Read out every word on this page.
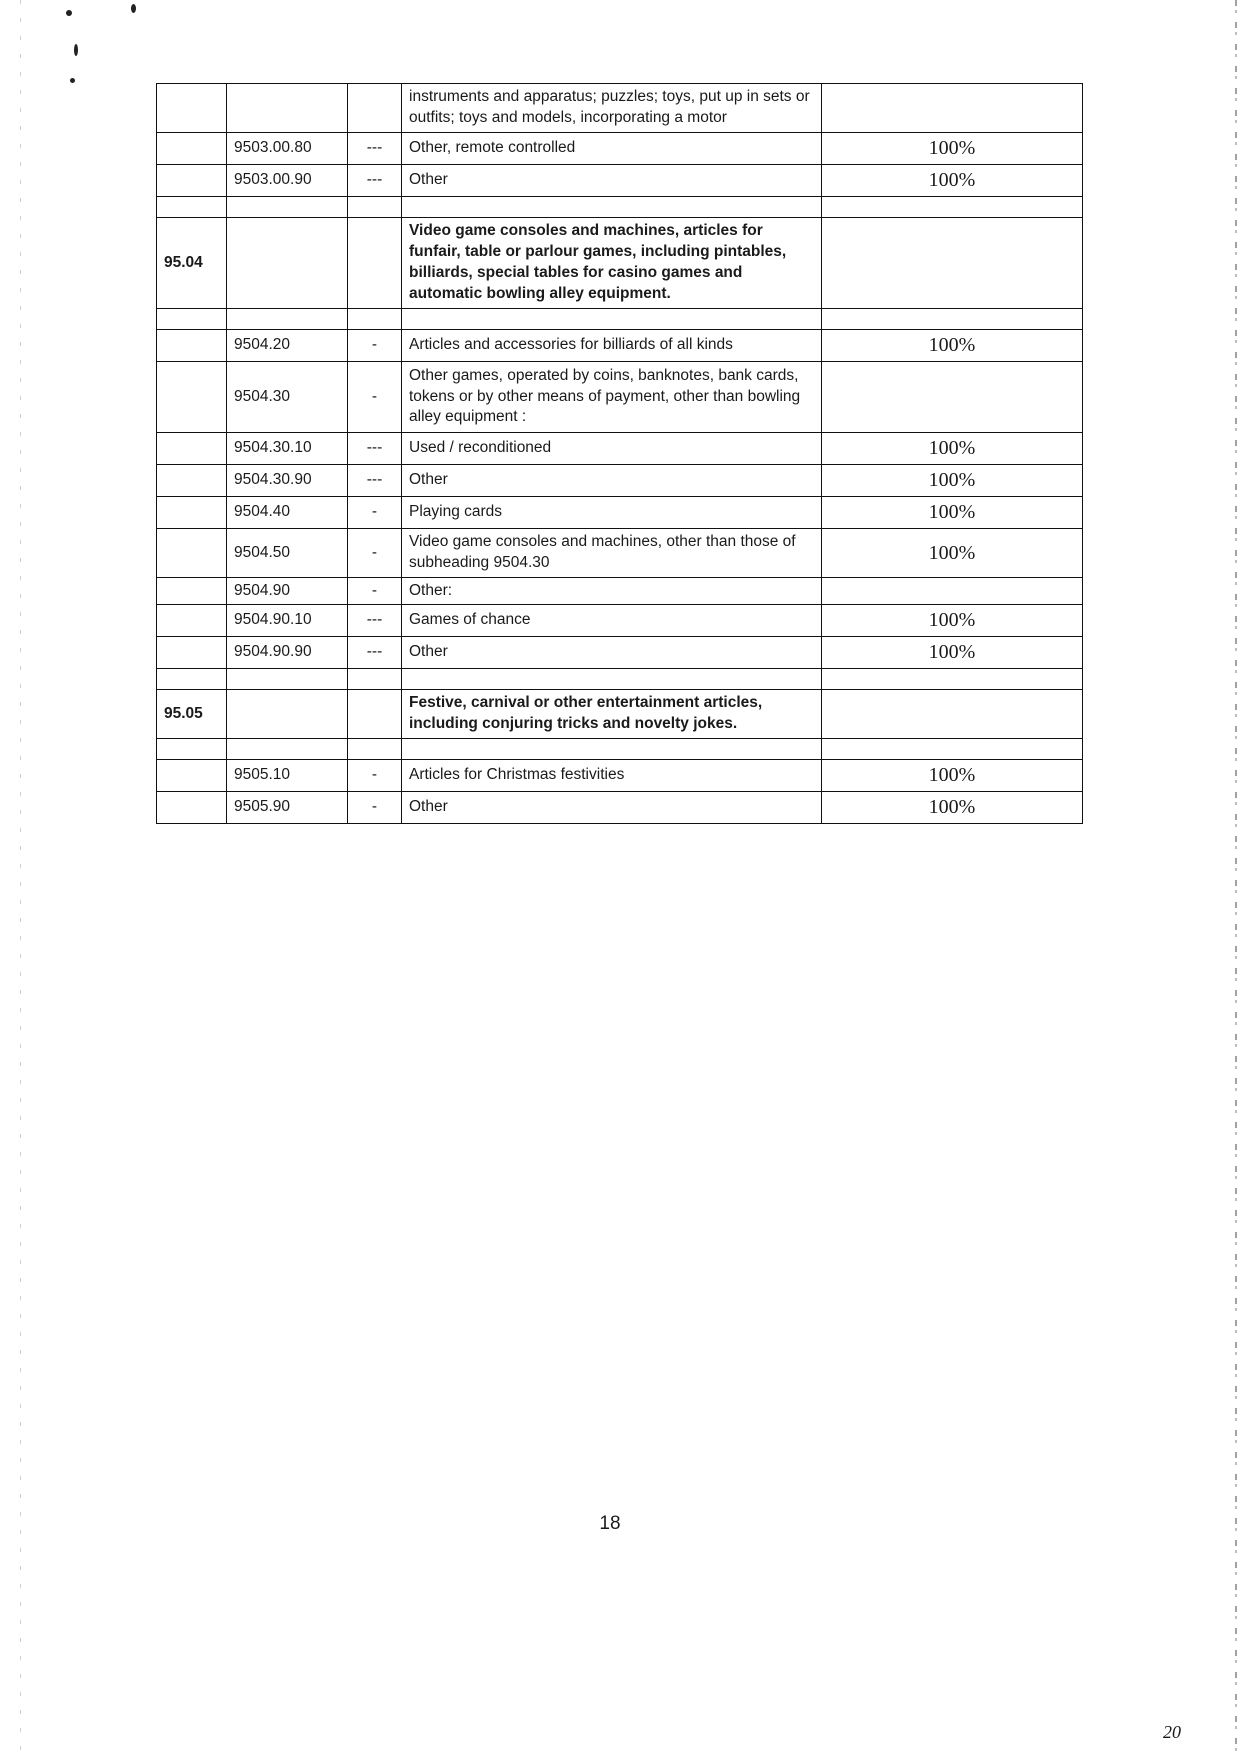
			instruments and apparatus; puzzles; toys, put up in sets or outfits; toys and models, incorporating a motor	
	9503.00.80	---	Other, remote controlled	100%
	9503.00.90	---	Other	100%

95.04			Video game consoles and machines, articles for funfair, table or parlour games, including pintables, billiards, special tables for casino games and automatic bowling alley equipment.	

	9504.20	-	Articles and accessories for billiards of all kinds	100%
	9504.30	-	Other games, operated by coins, banknotes, bank cards, tokens or by other means of payment, other than bowling alley equipment :	
	9504.30.10	---	Used / reconditioned	100%
	9504.30.90	---	Other	100%
	9504.40	-	Playing cards	100%
	9504.50	-	Video game consoles and machines, other than those of subheading 9504.30	100%
	9504.90	-	Other:	
	9504.90.10	---	Games of chance	100%
	9504.90.90	---	Other	100%

95.05			Festive, carnival or other entertainment articles, including conjuring tricks and novelty jokes.	

	9505.10	-	Articles for Christmas festivities	100%
	9505.90	-	Other	100%
18
20
